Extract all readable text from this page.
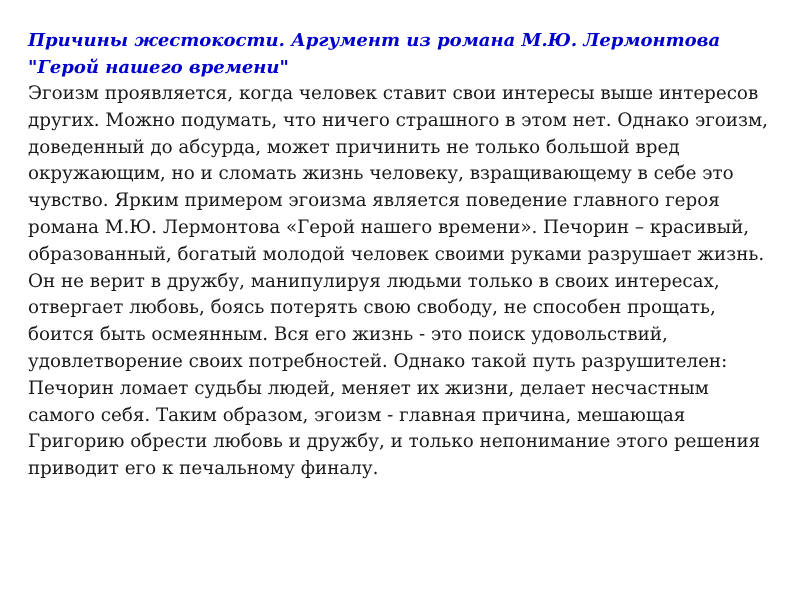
Причины жестокости. Аргумент из романа М.Ю. Лермонтова "Герой нашего времени"

Эгоизм проявляется, когда человек ставит свои интересы выше интересов других. Можно подумать, что ничего страшного в этом нет. Однако эгоизм, доведенный до абсурда, может причинить не только большой вред окружающим, но и сломать жизнь человеку, взращивающему в себе это чувство. Ярким примером эгоизма является поведение главного героя романа М.Ю. Лермонтова «Герой нашего времени». Печорин – красивый, образованный, богатый молодой человек своими руками разрушает жизнь. Он не верит в дружбу, манипулируя людьми только в своих интересах, отвергает любовь, боясь потерять свою свободу, не способен прощать, боится быть осмеянным. Вся его жизнь - это поиск удовольствий, удовлетворение своих потребностей. Однако такой путь разрушителен: Печорин ломает судьбы людей, меняет их жизни, делает несчастным самого себя. Таким образом, эгоизм - главная причина, мешающая Григорию обрести любовь и дружбу, и только непонимание этого решения приводит его к печальному финалу.
